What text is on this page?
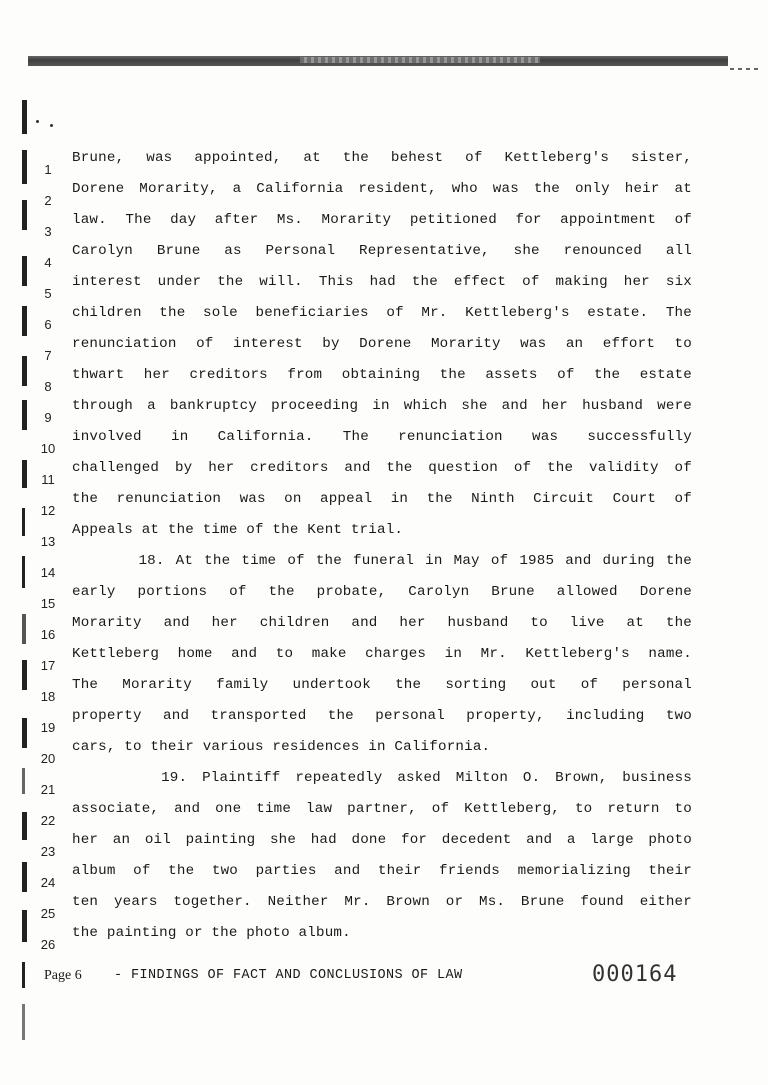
1
Brune, was appointed, at the behest of Kettleberg's sister,
2
Dorene Morarity, a California resident, who was the only heir at
3
law. The day after Ms. Morarity petitioned for appointment of
4
Carolyn Brune as Personal Representative, she renounced all
5
interest under the will. This had the effect of making her six
6
children the sole beneficiaries of Mr. Kettleberg's estate. The
7
renunciation of interest by Dorene Morarity was an effort to
8
thwart her creditors from obtaining the assets of the estate
9
through a bankruptcy proceeding in which she and her husband were
10
involved in California. The renunciation was successfully
11
challenged by her creditors and the question of the validity of
12
the renunciation was on appeal in the Ninth Circuit Court of
13
Appeals at the time of the Kent trial.
14
18. At the time of the funeral in May of 1985 and during the
15
early portions of the probate, Carolyn Brune allowed Dorene
16
Morarity and her children and her husband to live at the
17
Kettleberg home and to make charges in Mr. Kettleberg's name.
18
The Morarity family undertook the sorting out of personal
19
property and transported the personal property, including two
20
cars, to their various residences in California.
21
19. Plaintiff repeatedly asked Milton O. Brown, business
22
associate, and one time law partner, of Kettleberg, to return to
23
her an oil painting she had done for decedent and a large photo
24
album of the two parties and their friends memorializing their
25
ten years together. Neither Mr. Brown or Ms. Brune found either
26
the painting or the photo album.
Page 6 - FINDINGS OF FACT AND CONCLUSIONS OF LAW	000164
